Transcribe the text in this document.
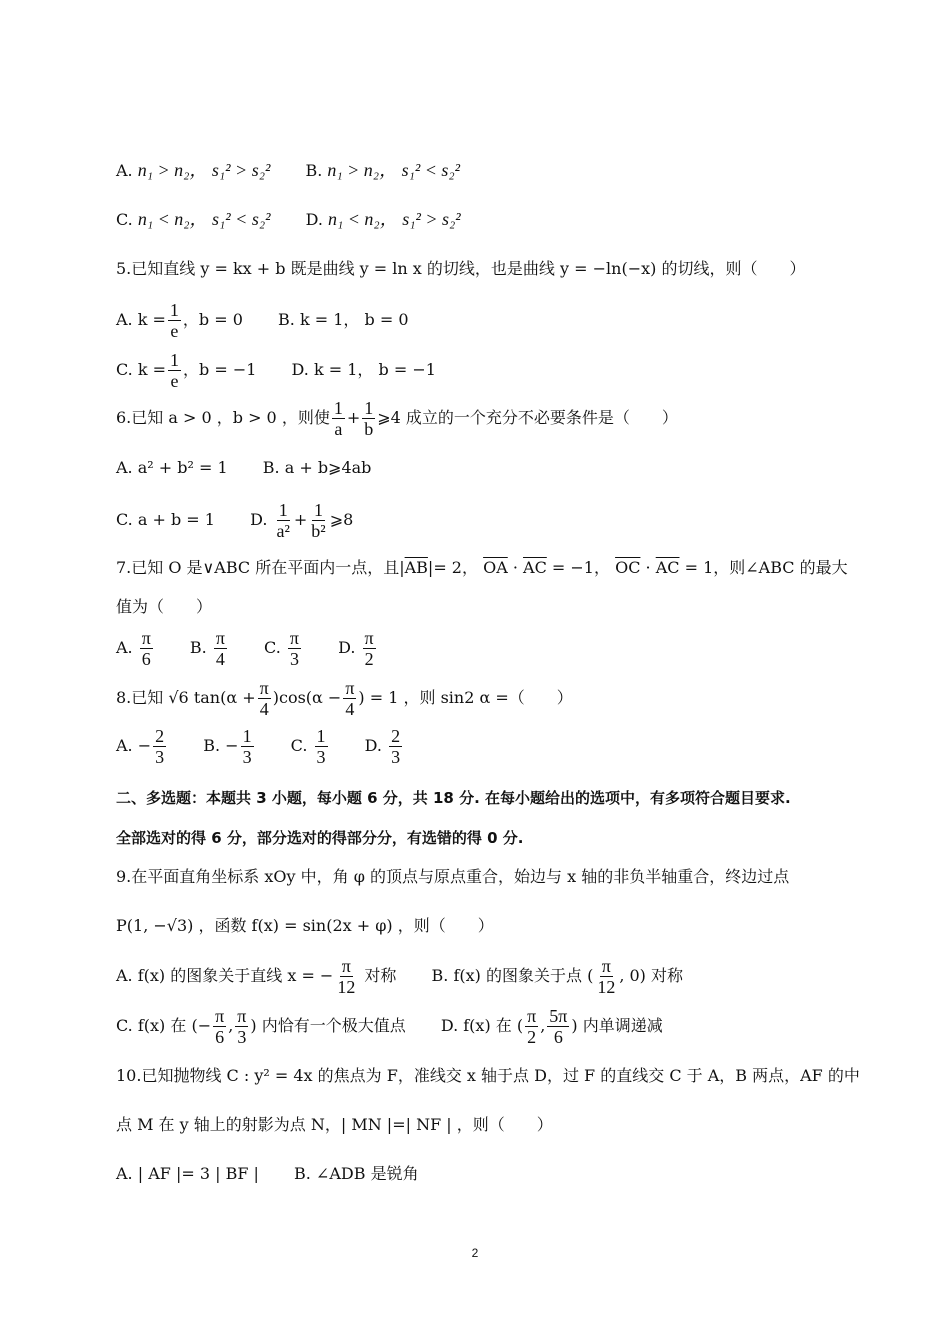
A. n₁ > n₂， s₁² > s₂² B. n₁ > n₂， s₁² < s₂²
C. n₁ < n₂， s₁² < s₂² D. n₁ < n₂， s₁² > s₂²
5.已知直线 y = kx + b 既是曲线 y = ln x 的切线，也是曲线 y = −ln(−x) 的切线，则（　　）
A. $k = \frac{1}{e}$ ，b = 0 B. k = 1， b = 0
C. $k = \frac{1}{e}$ ，b = −1 D. k = 1， b = −1
6.已知 a > 0 ，b > 0 ，则使 $\frac{1}{a} + \frac{1}{b}$ ⩾4 成立的一个充分不必要条件是（　　）
A. a² + b² = 1 B. a + b⩾4ab
C. a + b = 1 D. $\frac{1}{\text{a²}} + \frac{1}{\text{b²}}$ ⩾8
7.已知 O 是∨ABC 所在平面内一点，且$|\overline{AB}|= 2$， $\overline{OA} \cdot \overline{AC} = -1$， $\overline{OC} \cdot \overline{AC} = 1$，则∠ABC 的最大
值为（　　）
A. $\frac{\pi}{6} B$. $\frac{\pi}{4} C$. $\frac{\pi}{3} D$. $\frac{\pi}{2}$
8.已知 √6 $\tan(\alpha + \frac{\pi}{4} )\cos(\alpha - \frac{\pi}{4}$ ) = 1 ，则 sin2 α =（　　）
A. − $\frac{2}{3} B$. − $\frac{1}{3} C$. $\frac{1}{3} D$. $\frac{2}{3}$
二、多选题：本题共 3 小题，每小题 6 分，共 18 分. 在每小题给出的选项中，有多项符合题目要求.
全部选对的得 6 分，部分选对的得部分分，有选错的得 0 分.
9.在平面直角坐标系 xOy 中，角 φ 的顶点与原点重合，始边与 x 轴的非负半轴重合，终边过点
P(1, −√3) ，函数 f(x) = sin(2x + φ) ，则（　　）
A. f(x) 的图象关于直线 x = − $\frac{\pi}{12}$ 对称 B. f(x) 的图象关于点 ( $\frac{\pi}{12}$ , 0) 对称
C. f(x) 在 (− $\frac{\pi}{6}$ , $\frac{\pi}{3}$ ) 内恰有一个极大值点 D. f(x) 在 ( $\frac{\pi}{2}$ , $\frac{5\pi}{6}$ ) 内单调递减
10.已知抛物线 C : y² = 4x 的焦点为 F，准线交 x 轴于点 D，过 F 的直线交 C 于 A，B 两点，AF 的中
点 M 在 y 轴上的射影为点 N，| MN |=| NF | ，则（　　）
A. | AF |= 3 | BF | B. ∠ADB 是锐角
2
